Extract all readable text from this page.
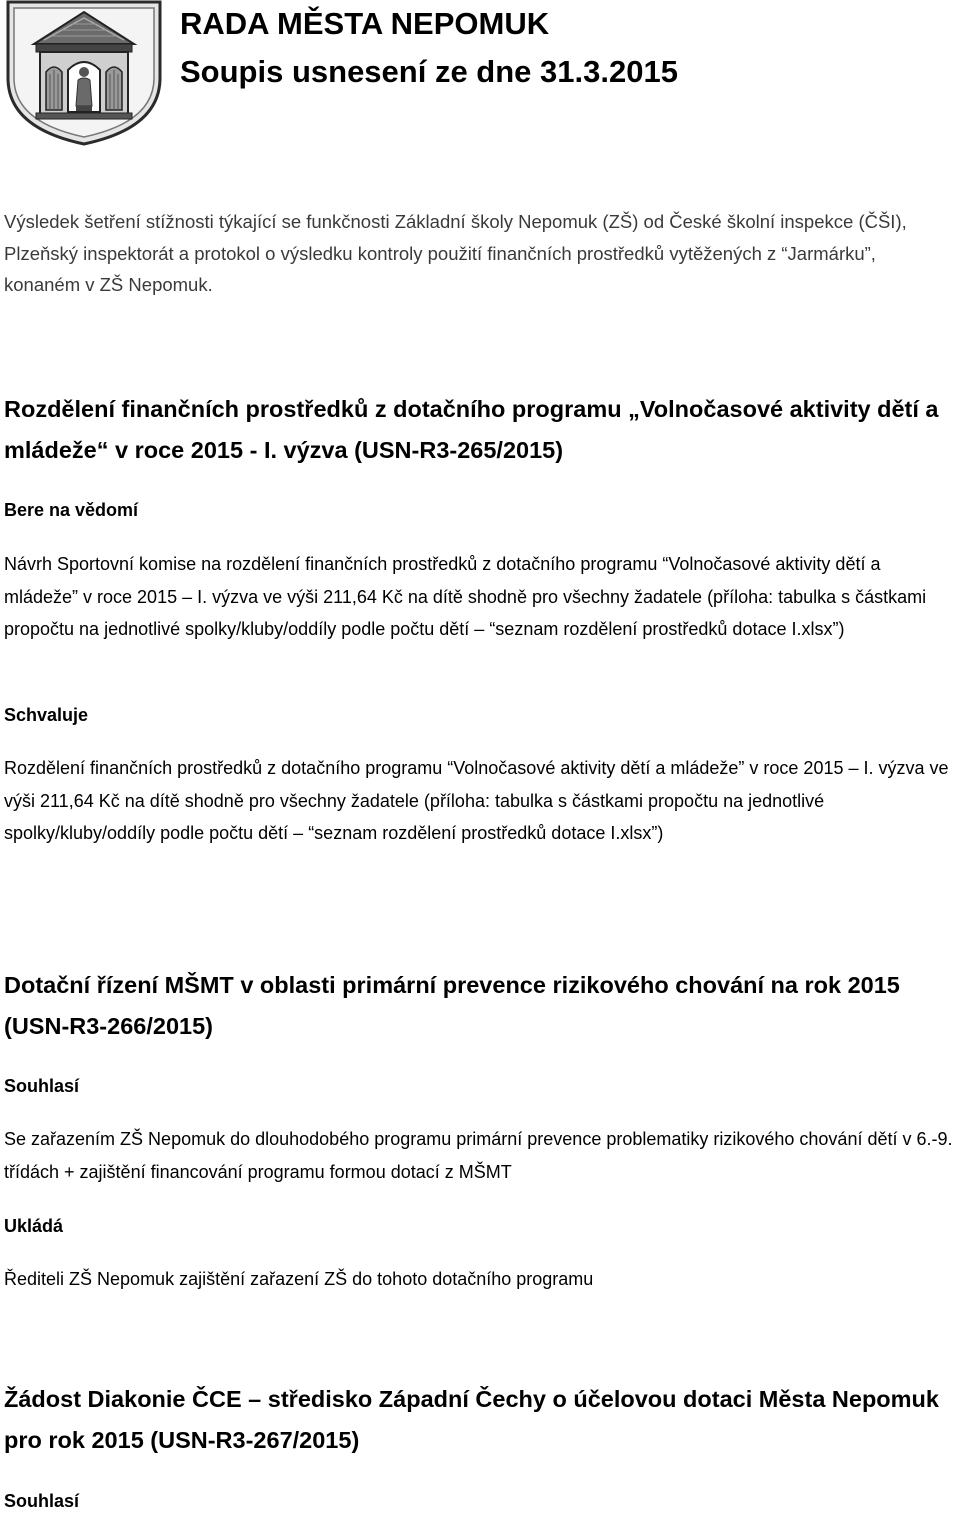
RADA MĚSTA NEPOMUK
Soupis usnesení ze dne 31.3.2015
Výsledek šetření stížnosti týkající se funkčnosti Základní školy Nepomuk (ZŠ) od České školní inspekce (ČŠI), Plzeňský inspektorát a protokol o výsledku kontroly použití finančních prostředků vytěžených z “Jarmárku”, konaném v ZŠ Nepomuk.
Rozdělení finančních prostředků z dotačního programu „Volnočasové aktivity dětí a mládeže“ v roce 2015 - I. výzva (USN-R3-265/2015)
Bere na vědomí
Návrh Sportovní komise na rozdělení finančních prostředků z dotačního programu “Volnočasové aktivity dětí a mládeže” v roce 2015 – I. výzva ve výši 211,64 Kč na dítě shodně pro všechny žadatele (příloha: tabulka s částkami propočtu na jednotlivé spolky/kluby/oddíly podle počtu dětí – “seznam rozdělení prostředků dotace I.xlsx”)
Schvaluje
Rozdělení finančních prostředků z dotačního programu “Volnočasové aktivity dětí a mládeže” v roce 2015 – I. výzva ve výši 211,64 Kč na dítě shodně pro všechny žadatele (příloha: tabulka s částkami propočtu na jednotlivé spolky/kluby/oddíly podle počtu dětí – “seznam rozdělení prostředků dotace I.xlsx”)
Dotační řízení MŠMT v oblasti primární prevence rizikového chování na rok 2015 (USN-R3-266/2015)
Souhlasí
Se zařazením ZŠ Nepomuk do dlouhodobého programu primární prevence problematiky rizikového chování dětí v 6.-9. třídách + zajištění financování programu formou dotací z MŠMT
Ukládá
Řediteli ZŠ Nepomuk zajištění zařazení ZŠ do tohoto dotačního programu
Žádost Diakonie ČCE – středisko Západní Čechy o účelovou dotaci Města Nepomuk pro rok 2015 (USN-R3-267/2015)
Souhlasí
